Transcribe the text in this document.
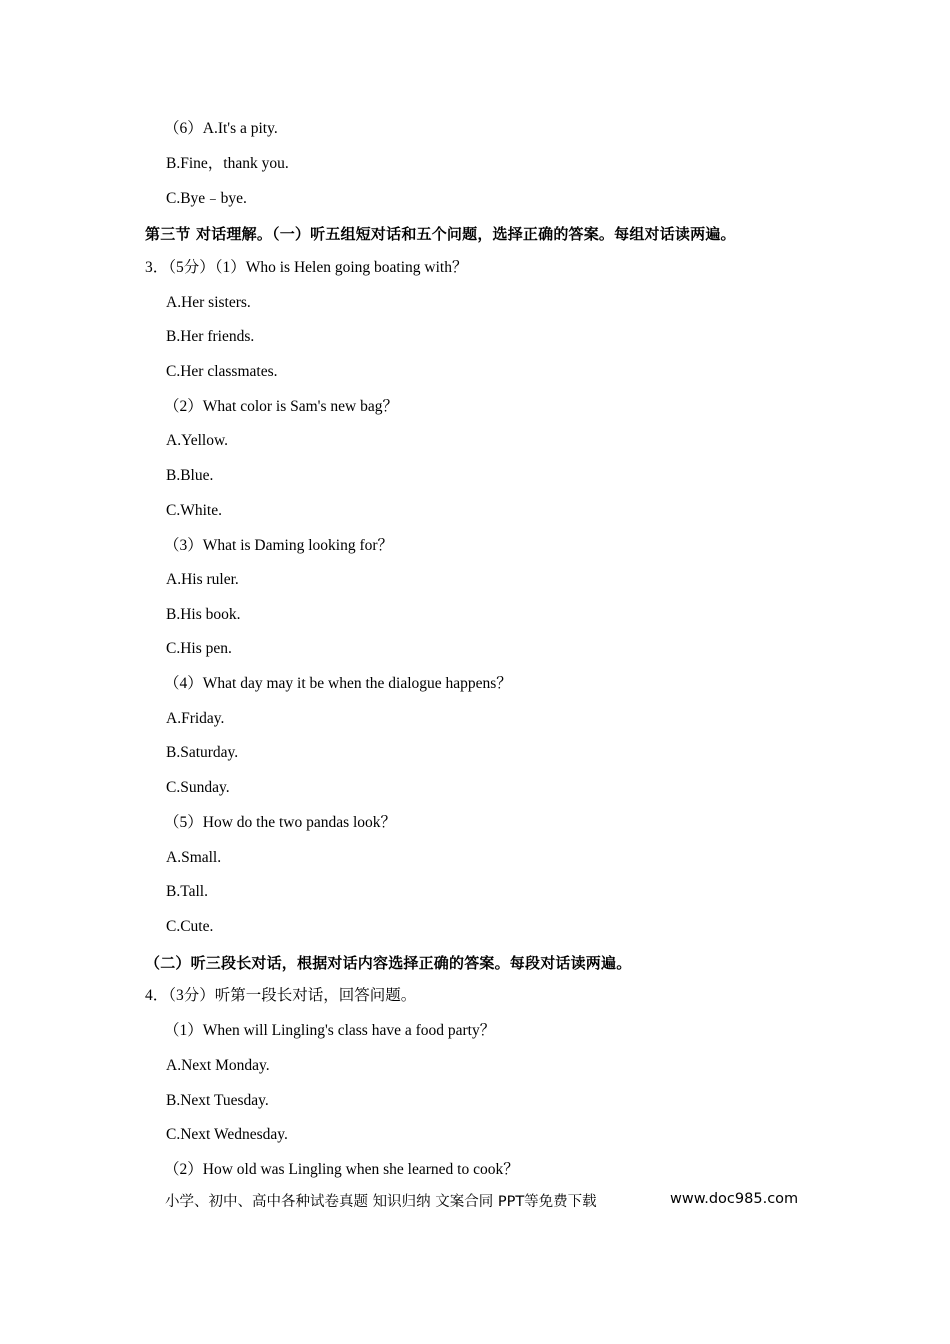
（6）A.It's a pity.
B.Fine，thank you.
C.Bye﹣bye.
第三节 对话理解。（一）听五组短对话和五个问题，选择正确的答案。每组对话读两遍。
3．（5分）（1）Who is Helen going boating with？
A.Her sisters.
B.Her friends.
C.Her classmates.
（2）What color is Sam's new bag？
A.Yellow.
B.Blue.
C.White.
（3）What is Daming looking for？
A.His ruler.
B.His book.
C.His pen.
（4）What day may it be when the dialogue happens？
A.Friday.
B.Saturday.
C.Sunday.
（5）How do the two pandas look？
A.Small.
B.Tall.
C.Cute.
（二）听三段长对话，根据对话内容选择正确的答案。每段对话读两遍。
4．（3分）听第一段长对话，回答问题。
（1）When will Lingling's class have a food party？
A.Next Monday.
B.Next Tuesday.
C.Next Wednesday.
（2）How old was Lingling when she learned to cook？
小学、初中、高中各种试卷真题 知识归纳 文案合同 PPT等免费下载	www.doc985.com
